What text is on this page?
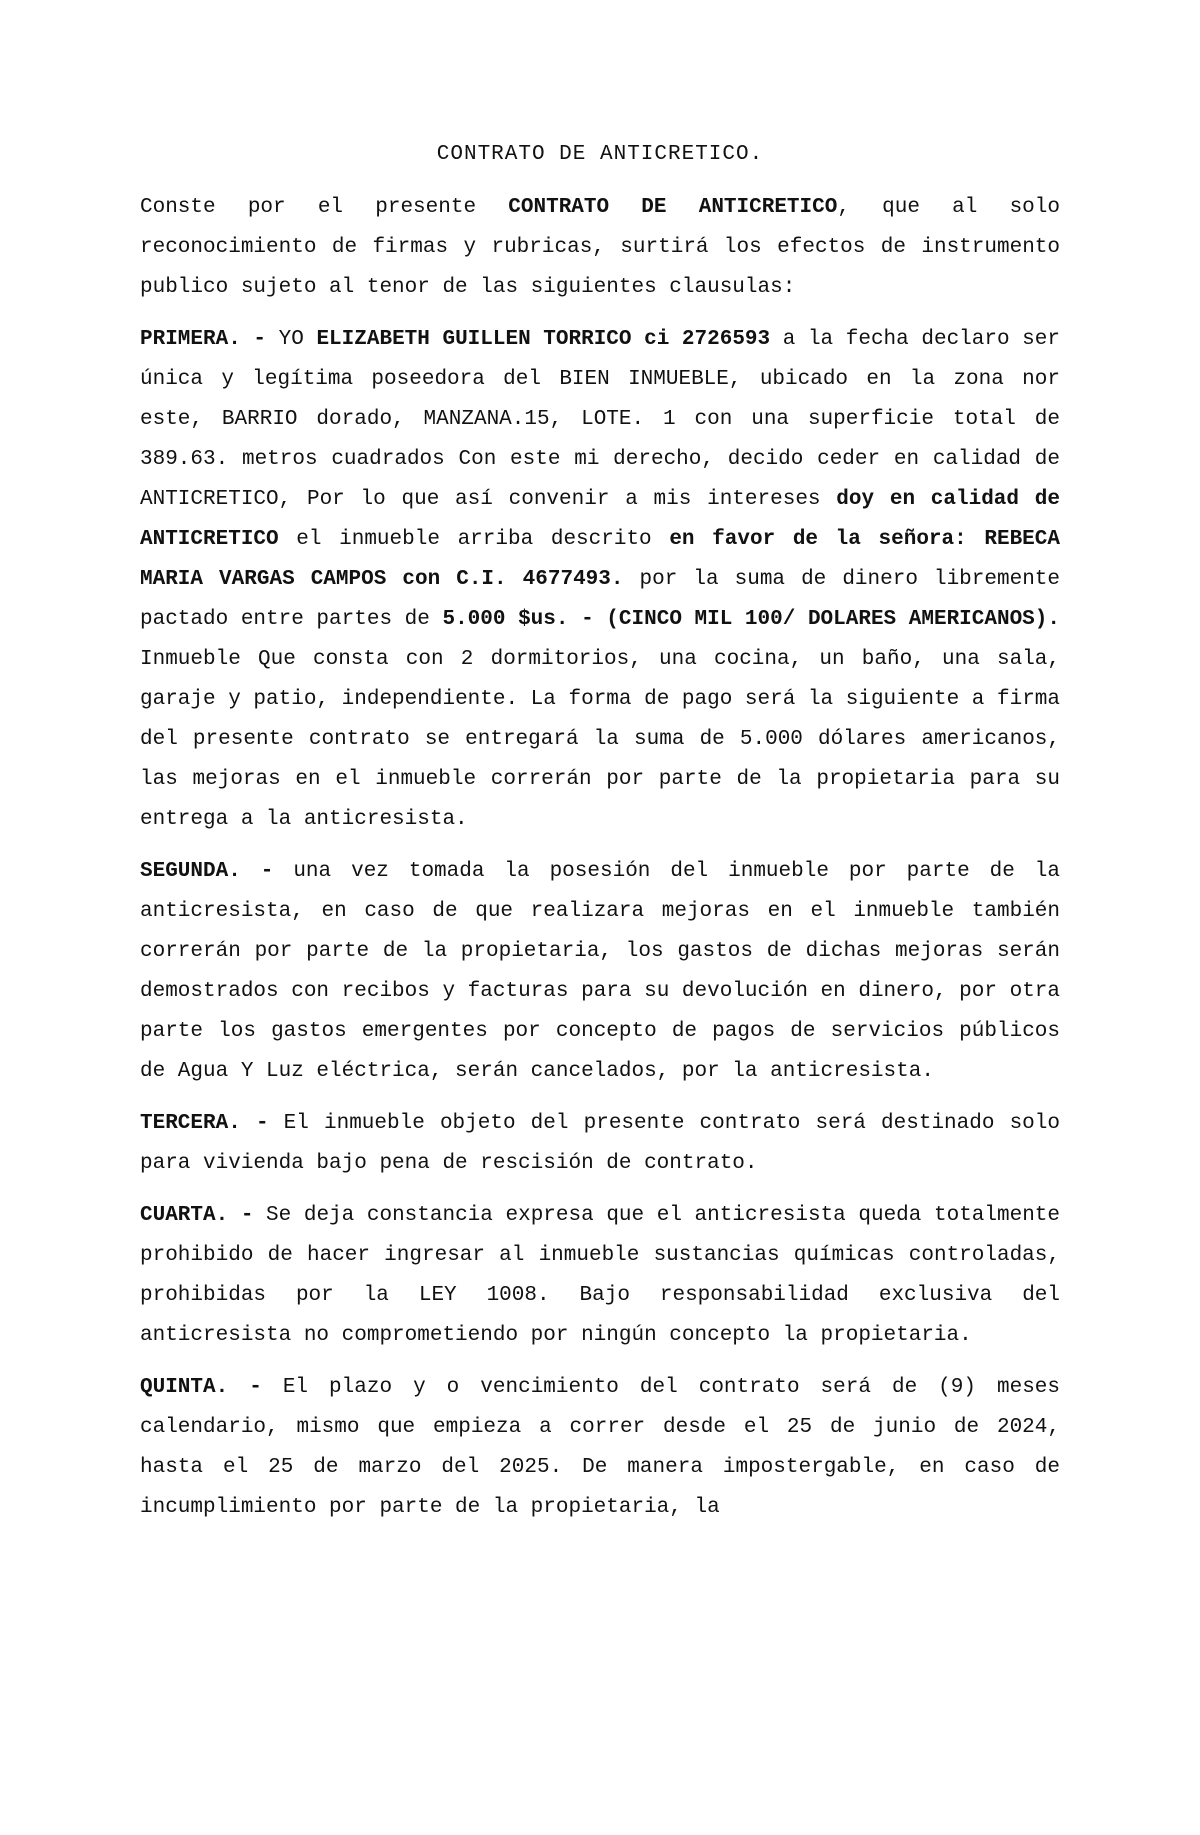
CONTRATO DE ANTICRETICO.

Conste por el presente CONTRATO DE ANTICRETICO, que al solo reconocimiento de firmas y rubricas, surtirá los efectos de instrumento publico sujeto al tenor de las siguientes clausulas:

PRIMERA. - YO ELIZABETH GUILLEN TORRICO ci 2726593 a la fecha declaro ser única y legítima poseedora del BIEN INMUEBLE, ubicado en la zona nor este, BARRIO dorado, MANZANA.15, LOTE. 1 con una superficie total de 389.63. metros cuadrados Con este mi derecho, decido ceder en calidad de ANTICRETICO, Por lo que así convenir a mis intereses doy en calidad de ANTICRETICO el inmueble arriba descrito en favor de la señora: REBECA MARIA VARGAS CAMPOS con C.I. 4677493. por la suma de dinero libremente pactado entre partes de 5.000 $us. - (CINCO MIL 100/ DOLARES AMERICANOS). Inmueble Que consta con 2 dormitorios, una cocina, un baño, una sala, garaje y patio, independiente. La forma de pago será la siguiente a firma del presente contrato se entregará la suma de 5.000 dólares americanos, las mejoras en el inmueble correrán por parte de la propietaria para su entrega a la anticresista.

SEGUNDA. - una vez tomada la posesión del inmueble por parte de la anticresista, en caso de que realizara mejoras en el inmueble también correrán por parte de la propietaria, los gastos de dichas mejoras serán demostrados con recibos y facturas para su devolución en dinero, por otra parte los gastos emergentes por concepto de pagos de servicios públicos de Agua Y Luz eléctrica, serán cancelados, por la anticresista.

TERCERA. - El inmueble objeto del presente contrato será destinado solo para vivienda bajo pena de rescisión de contrato.

CUARTA. - Se deja constancia expresa que el anticresista queda totalmente prohibido de hacer ingresar al inmueble sustancias químicas controladas, prohibidas por la LEY 1008. Bajo responsabilidad exclusiva del anticresista no comprometiendo por ningún concepto la propietaria.

QUINTA. - El plazo y o vencimiento del contrato será de (9) meses calendario, mismo que empieza a correr desde el 25 de junio de 2024, hasta el 25 de marzo del 2025. De manera impostergable, en caso de incumplimiento por parte de la propietaria, la
